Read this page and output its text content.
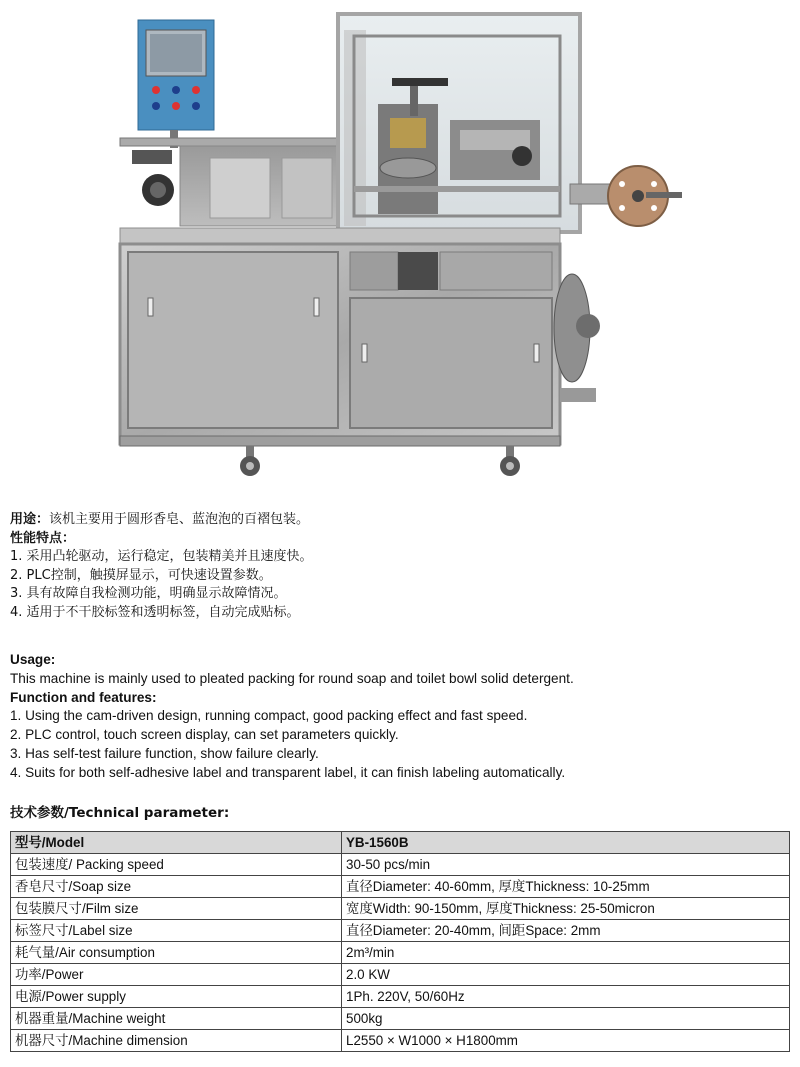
用途：该机主要用于圆形香皂、蓝泡泡的百褶包装。
性能特点：
1. 采用凸轮驱动，运行稳定，包装精美并且速度快。
2. PLC控制，触摸屏显示，可快速设置参数。
3. 具有故障自我检测功能，明确显示故障情况。
4. 适用于不干胶标签和透明标签，自动完成贴标。
Usage:
This machine is mainly used to pleated packing for round soap and toilet bowl solid detergent.
Function and features:
1. Using the cam-driven design, running compact, good packing effect and fast speed.
2. PLC control, touch screen display, can set parameters quickly.
3. Has self-test failure function, show failure clearly.
4. Suits for both self-adhesive label and transparent label, it can finish labeling automatically.
技术参数/Technical parameter:
型号/Model	YB-1560B
包装速度/ Packing speed	30-50 pcs/min
香皂尺寸/Soap size	直径Diameter: 40-60mm, 厚度Thickness: 10-25mm
包装膜尺寸/Film size	宽度Width: 90-150mm, 厚度Thickness: 25-50micron
标签尺寸/Label size	直径Diameter: 20-40mm, 间距Space: 2mm
耗气量/Air consumption	2m³/min
功率/Power	2.0 KW
电源/Power supply	1Ph. 220V, 50/60Hz
机器重量/Machine weight	500kg
机器尺寸/Machine dimension	L2550 × W1000 × H1800mm
